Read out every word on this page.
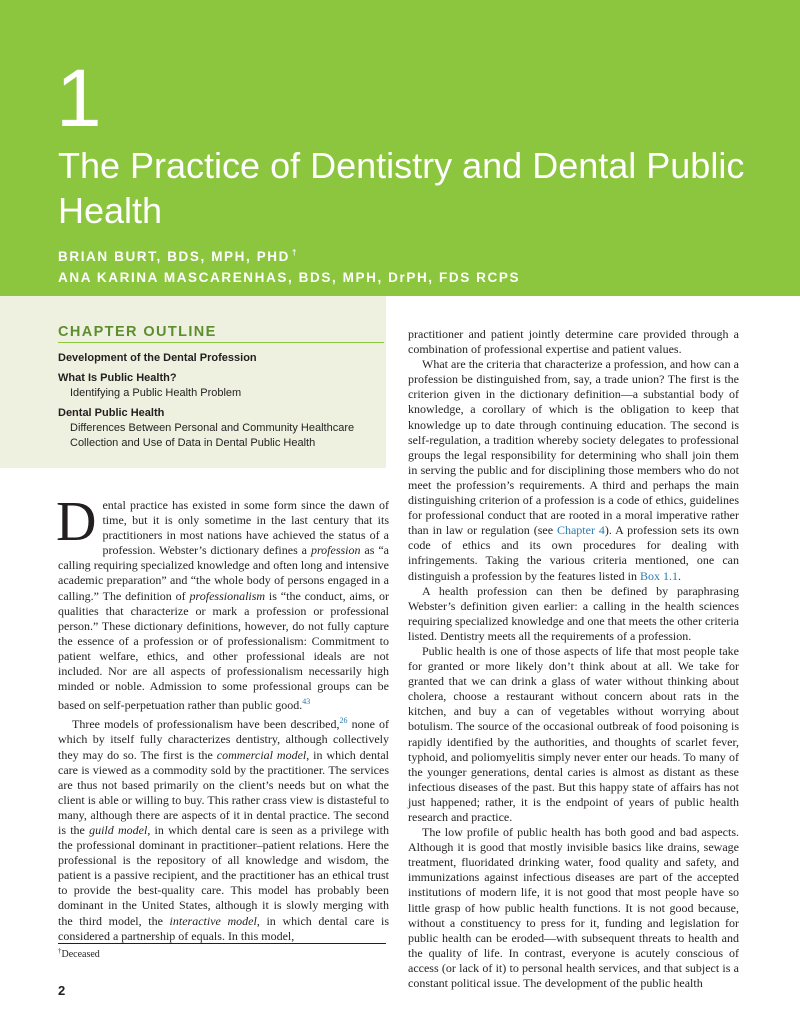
1
The Practice of Dentistry and Dental Public Health
BRIAN BURT, BDS, MPH, PHD †
ANA KARINA MASCARENHAS, BDS, MPH, DrPH, FDS RCPS
CHAPTER OUTLINE
Development of the Dental Profession
What Is Public Health?
Identifying a Public Health Problem
Dental Public Health
Differences Between Personal and Community Healthcare
Collection and Use of Data in Dental Public Health

Dental practice has existed in some form since the dawn of time, but it is only sometime in the last century that its practitioners in most nations have achieved the status of a profession. Webster’s dictionary defines a profession as “a calling requiring specialized knowledge and often long and intensive academic preparation” and “the whole body of persons engaged in a calling.” The definition of professionalism is “the conduct, aims, or qualities that characterize or mark a profession or professional person.” These dictionary definitions, however, do not fully capture the essence of a profession or of professionalism: Commitment to patient welfare, ethics, and other professional ideals are not included. Nor are all aspects of professionalism necessarily high minded or noble. Admission to some professional groups can be based on self-perpetuation rather than public good.$^{43}$

Three models of professionalism have been described,$^{26}$ none of which by itself fully characterizes dentistry, although collectively they may do so. The first is the commercial model, in which dental care is viewed as a commodity sold by the practitioner. The services are thus not based primarily on the client’s needs but on what the client is able or willing to buy. This rather crass view is distasteful to many, although there are aspects of it in dental practice. The second is the guild model, in which dental care is seen as a privilege with the professional dominant in practitioner–patient relations. Here the professional is the repository of all knowledge and wisdom, the patient is a passive recipient, and the practitioner has an ethical trust to provide the best-quality care. This model has probably been dominant in the United States, although it is slowly merging with the third model, the interactive model, in which dental care is considered a partnership of equals. In this model,

practitioner and patient jointly determine care provided through a combination of professional expertise and patient values.

What are the criteria that characterize a profession, and how can a profession be distinguished from, say, a trade union? The first is the criterion given in the dictionary definition—a substantial body of knowledge, a corollary of which is the obligation to keep that knowledge up to date through continuing education. The second is self-regulation, a tradition whereby society delegates to professional groups the legal responsibility for determining who shall join them in serving the public and for disciplining those members who do not meet the profession’s requirements. A third and perhaps the main distinguishing criterion of a profession is a code of ethics, guidelines for professional conduct that are rooted in a moral imperative rather than in law or regulation (see Chapter 4). A profession sets its own code of ethics and its own procedures for dealing with infringements. Taking the various criteria mentioned, one can distinguish a profession by the features listed in Box 1.1.

A health profession can then be defined by paraphrasing Webster’s definition given earlier: a calling in the health sciences requiring specialized knowledge and one that meets the other criteria listed. Dentistry meets all the requirements of a profession.

Public health is one of those aspects of life that most people take for granted or more likely don’t think about at all. We take for granted that we can drink a glass of water without thinking about cholera, choose a restaurant without concern about rats in the kitchen, and buy a can of vegetables without worrying about botulism. The source of the occasional outbreak of food poisoning is rapidly identified by the authorities, and thoughts of scarlet fever, typhoid, and poliomyelitis simply never enter our heads. To many of the younger generations, dental caries is almost as distant as these infectious diseases of the past. But this happy state of affairs has not just happened; rather, it is the endpoint of years of public health research and practice.

The low profile of public health has both good and bad aspects. Although it is good that mostly invisible basics like drains, sewage treatment, fluoridated drinking water, food quality and safety, and immunizations against infectious diseases are part of the accepted institutions of modern life, it is not good that most people have so little grasp of how public health functions. It is not good because, without a constituency to press for it, funding and legislation for public health can be eroded—with subsequent threats to health and the quality of life. In contrast, everyone is acutely conscious of access (or lack of it) to personal health services, and that subject is a constant political issue. The development of the public health

†Deceased
2
